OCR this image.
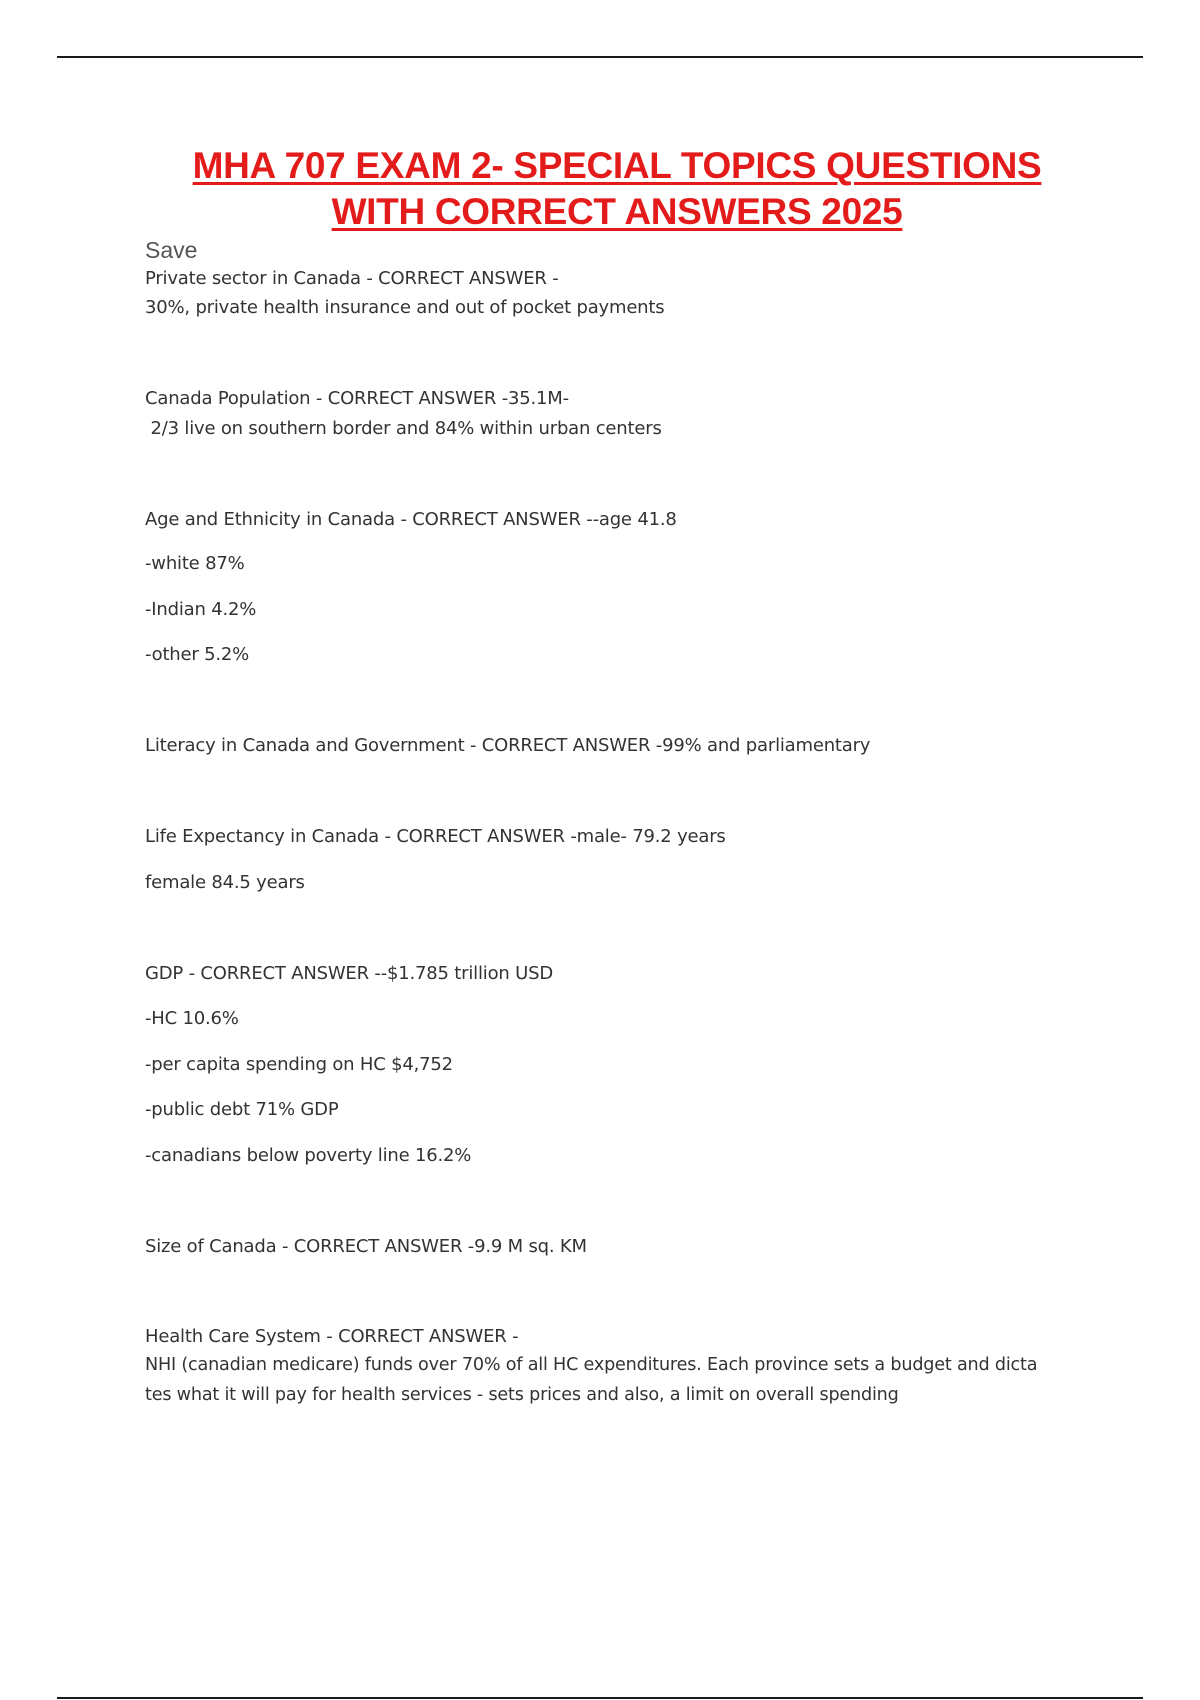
MHA 707 EXAM 2- SPECIAL TOPICS QUESTIONS
WITH CORRECT ANSWERS 2025
Save
Private sector in Canada - CORRECT ANSWER -
30%, private health insurance and out of pocket payments
Canada Population - CORRECT ANSWER -35.1M-
2/3 live on southern border and 84% within urban centers
Age and Ethnicity in Canada - CORRECT ANSWER --age 41.8
-white 87%
-Indian 4.2%
-other 5.2%
Literacy in Canada and Government - CORRECT ANSWER -99% and parliamentary
Life Expectancy in Canada - CORRECT ANSWER -male- 79.2 years
female 84.5 years
GDP - CORRECT ANSWER --$1.785 trillion USD
-HC 10.6%
-per capita spending on HC $4,752
-public debt 71% GDP
-canadians below poverty line 16.2%
Size of Canada - CORRECT ANSWER -9.9 M sq. KM
Health Care System - CORRECT ANSWER -
NHI (canadian medicare) funds over 70% of all HC expenditures. Each province sets a budget and dicta
tes what it will pay for health services - sets prices and also, a limit on overall spending
